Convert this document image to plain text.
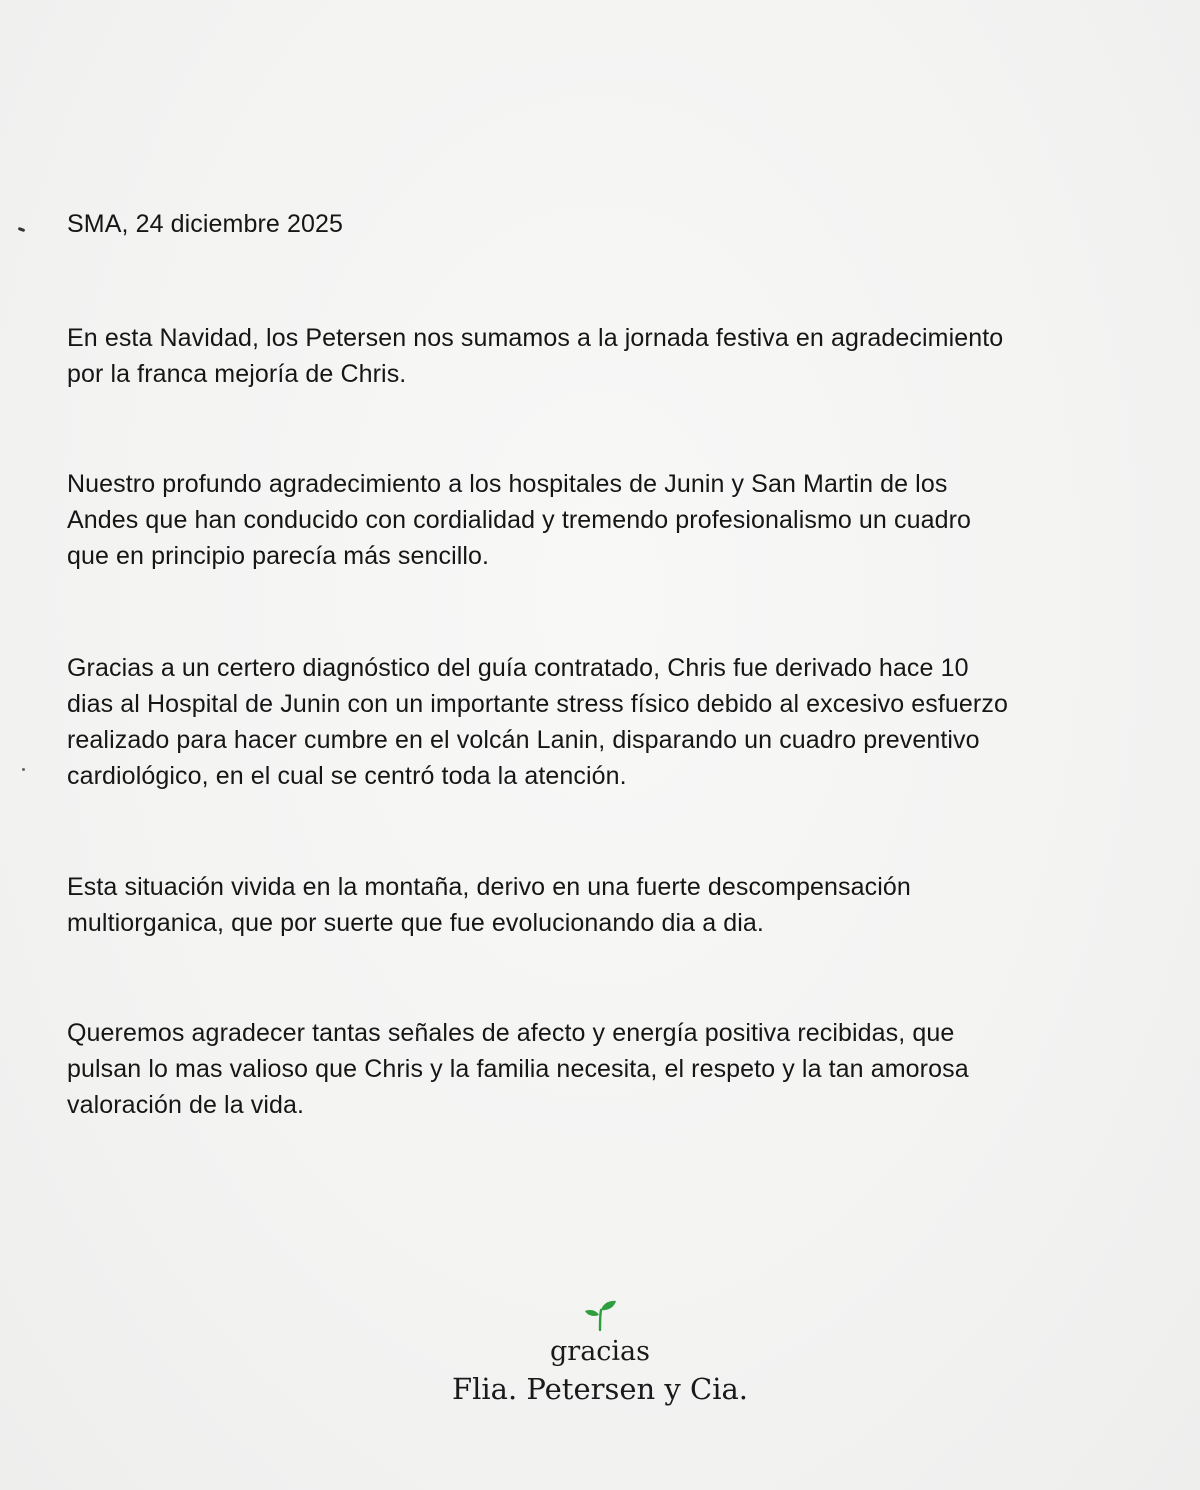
SMA, 24 diciembre 2025

En esta Navidad, los Petersen nos sumamos a la jornada festiva en agradecimiento
por la franca mejoría de Chris.

Nuestro profundo agradecimiento a los hospitales de Junin y San Martin de los
Andes que han conducido con cordialidad y tremendo profesionalismo un cuadro
que en principio parecía más sencillo.

Gracias a un certero diagnóstico del guía contratado, Chris fue derivado hace 10
dias al Hospital de Junin con un importante stress físico debido al excesivo esfuerzo
realizado para hacer cumbre en el volcán Lanin, disparando un cuadro preventivo
cardiológico, en el cual se centró toda la atención.

Esta situación vivida en la montaña, derivo en una fuerte descompensación
multiorganica, que por suerte que fue evolucionando dia a dia.

Queremos agradecer tantas señales de afecto y energía positiva recibidas, que
pulsan lo mas valioso que Chris y la familia necesita, el respeto y la tan amorosa
valoración de la vida.

gracias
Flia. Petersen y Cia.
